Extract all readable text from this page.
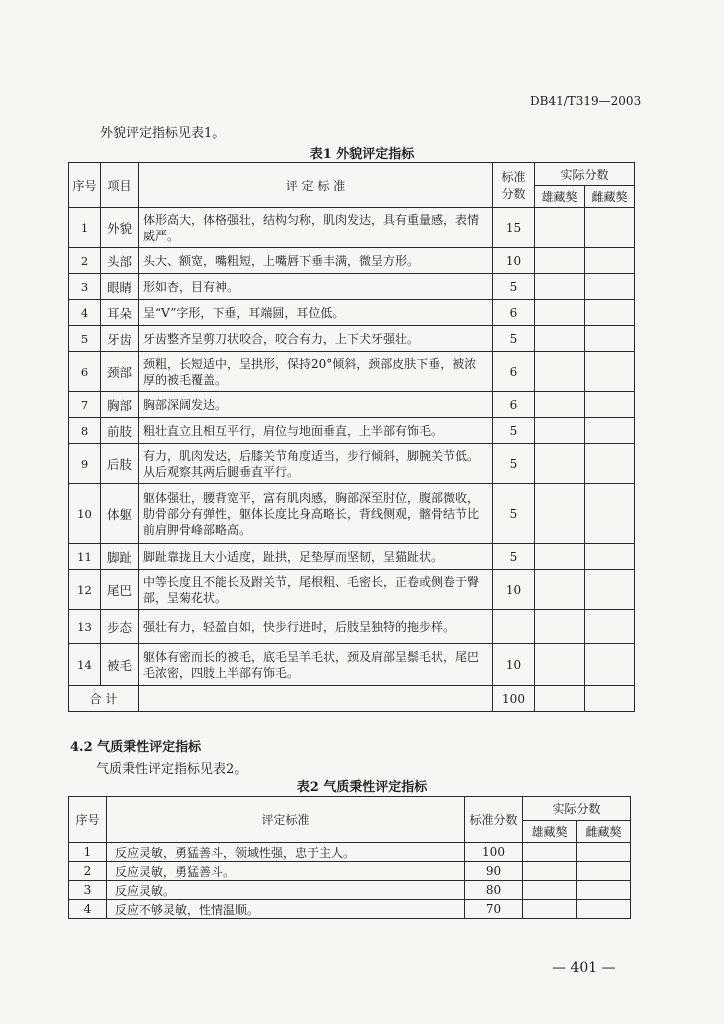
DB41/T319—2003
外貌评定指标见表1。
表1 外貌评定指标
序号	项目	评 定 标 准	标准分数	实际分数	
				雄藏獒	雌藏獒
1	外貌	体形高大，体格强壮，结构匀称，肌肉发达，具有重量感，表情威严。	15		
2	头部	头大、额宽，嘴粗短，上嘴唇下垂丰满，微呈方形。	10		
3	眼睛	形如杏，目有神。	5		
4	耳朵	呈“V”字形，下垂，耳端圆，耳位低。	6		
5	牙齿	牙齿整齐呈剪刀状咬合，咬合有力，上下犬牙强壮。	5		
6	颈部	颈粗，长短适中，呈拱形，保持20°倾斜，颈部皮肤下垂，被浓厚的被毛覆盖。	6		
7	胸部	胸部深阔发达。	6		
8	前肢	粗壮直立且相互平行，肩位与地面垂直，上半部有饰毛。	5		
9	后肢	有力，肌肉发达，后膝关节角度适当，步行倾斜，脚腕关节低。从后观察其两后腿垂直平行。	5		
10	体躯	躯体强壮，腰背宽平，富有肌肉感，胸部深至肘位，腹部微收，肋骨部分有弹性，躯体长度比身高略长，背线侧观，髂骨结节比前肩胛骨峰部略高。	5		
11	脚趾	脚趾靠拢且大小适度，趾拱，足垫厚而坚韧，呈猫趾状。	5		
12	尾巴	中等长度且不能长及跗关节，尾根粗、毛密长，正卷或侧卷于臀部，呈菊花状。	10		
13	步态	强壮有力，轻盈自如，快步行进时，后肢呈独特的拖步样。			
14	被毛	躯体有密而长的被毛，底毛呈羊毛状，颈及肩部呈鬃毛状，尾巴毛浓密，四肢上半部有饰毛。	10		
合 计			100		
4.2 气质秉性评定指标
气质秉性评定指标见表2。
表2 气质秉性评定指标
序号	评定标准	标准分数	实际分数	
			雄藏獒	雌藏獒
1	反应灵敏，勇猛善斗，领域性强，忠于主人。	100		
2	反应灵敏，勇猛善斗。	90		
3	反应灵敏。	80		
4	反应不够灵敏，性情温顺。	70		
— 401 —
